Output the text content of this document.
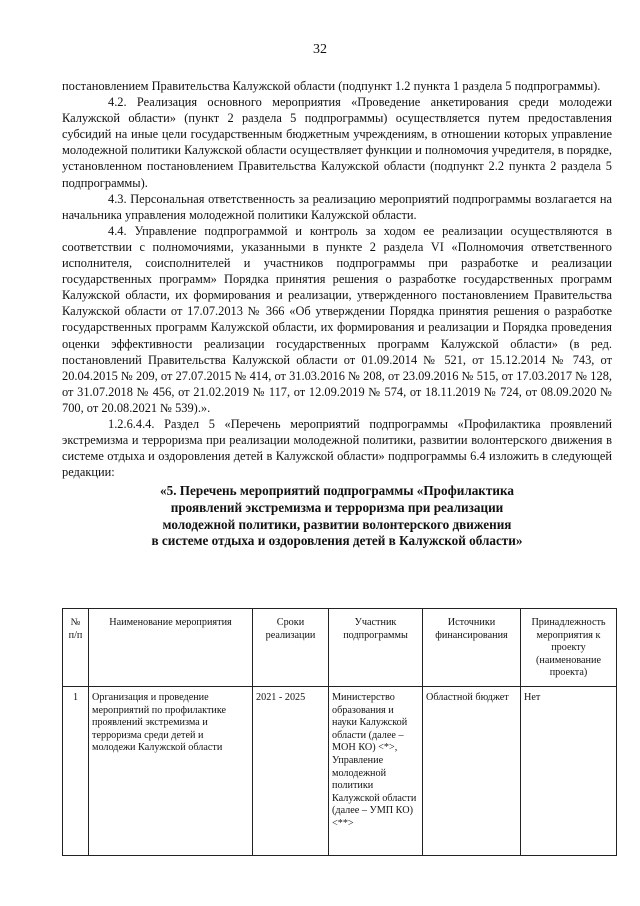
32

постановлением Правительства Калужской области (подпункт 1.2 пункта 1 раздела 5 подпрограммы).

4.2. Реализация основного мероприятия «Проведение анкетирования среди молодежи Калужской области» (пункт 2 раздела 5 подпрограммы) осуществляется путем предоставления субсидий на иные цели государственным бюджетным учреждениям, в отношении которых управление молодежной политики Калужской области осуществляет функции и полномочия учредителя, в порядке, установленном постановлением Правительства Калужской области (подпункт 2.2 пункта 2 раздела 5 подпрограммы).

4.3. Персональная ответственность за реализацию мероприятий подпрограммы возлагается на начальника управления молодежной политики Калужской области.

4.4. Управление подпрограммой и контроль за ходом ее реализации осуществляются в соответствии с полномочиями, указанными в пункте 2 раздела VI «Полномочия ответственного исполнителя, соисполнителей и участников подпрограммы при разработке и реализации государственных программ» Порядка принятия решения о разработке государственных программ Калужской области, их формирования и реализации, утвержденного постановлением Правительства Калужской области от 17.07.2013 № 366 «Об утверждении Порядка принятия решения о разработке государственных программ Калужской области, их формирования и реализации и Порядка проведения оценки эффективности реализации государственных программ Калужской области» (в ред. постановлений Правительства Калужской области от 01.09.2014 № 521, от 15.12.2014 № 743, от 20.04.2015 № 209, от 27.07.2015 № 414, от 31.03.2016 № 208, от 23.09.2016 № 515, от 17.03.2017 № 128, от 31.07.2018 № 456, от 21.02.2019 № 117, от 12.09.2019 № 574, от 18.11.2019 № 724, от 08.09.2020 № 700, от 20.08.2021 № 539).».

1.2.6.4.4. Раздел 5 «Перечень мероприятий подпрограммы «Профилактика проявлений экстремизма и терроризма при реализации молодежной политики, развитии волонтерского движения в системе отдыха и оздоровления детей в Калужской области» подпрограммы 6.4 изложить в следующей редакции:

«5. Перечень мероприятий подпрограммы «Профилактика
проявлений экстремизма и терроризма при реализации
молодежной политики, развитии волонтерского движения
в системе отдыха и оздоровления детей в Калужской области»
№ п/п	Наименование мероприятия	Сроки реализации	Участник подпрограммы	Источники финансирования	Принадлежность мероприятия к проекту (наименование проекта)
1	Организация и проведение мероприятий по профилактике проявлений экстремизма и терроризма среди детей и молодежи Калужской области	2021 - 2025	Министерство образования и науки Калужской области (далее – МОН КО) <*>, Управление молодежной политики Калужской области (далее – УМП КО) <**>	Областной бюджет	Нет
